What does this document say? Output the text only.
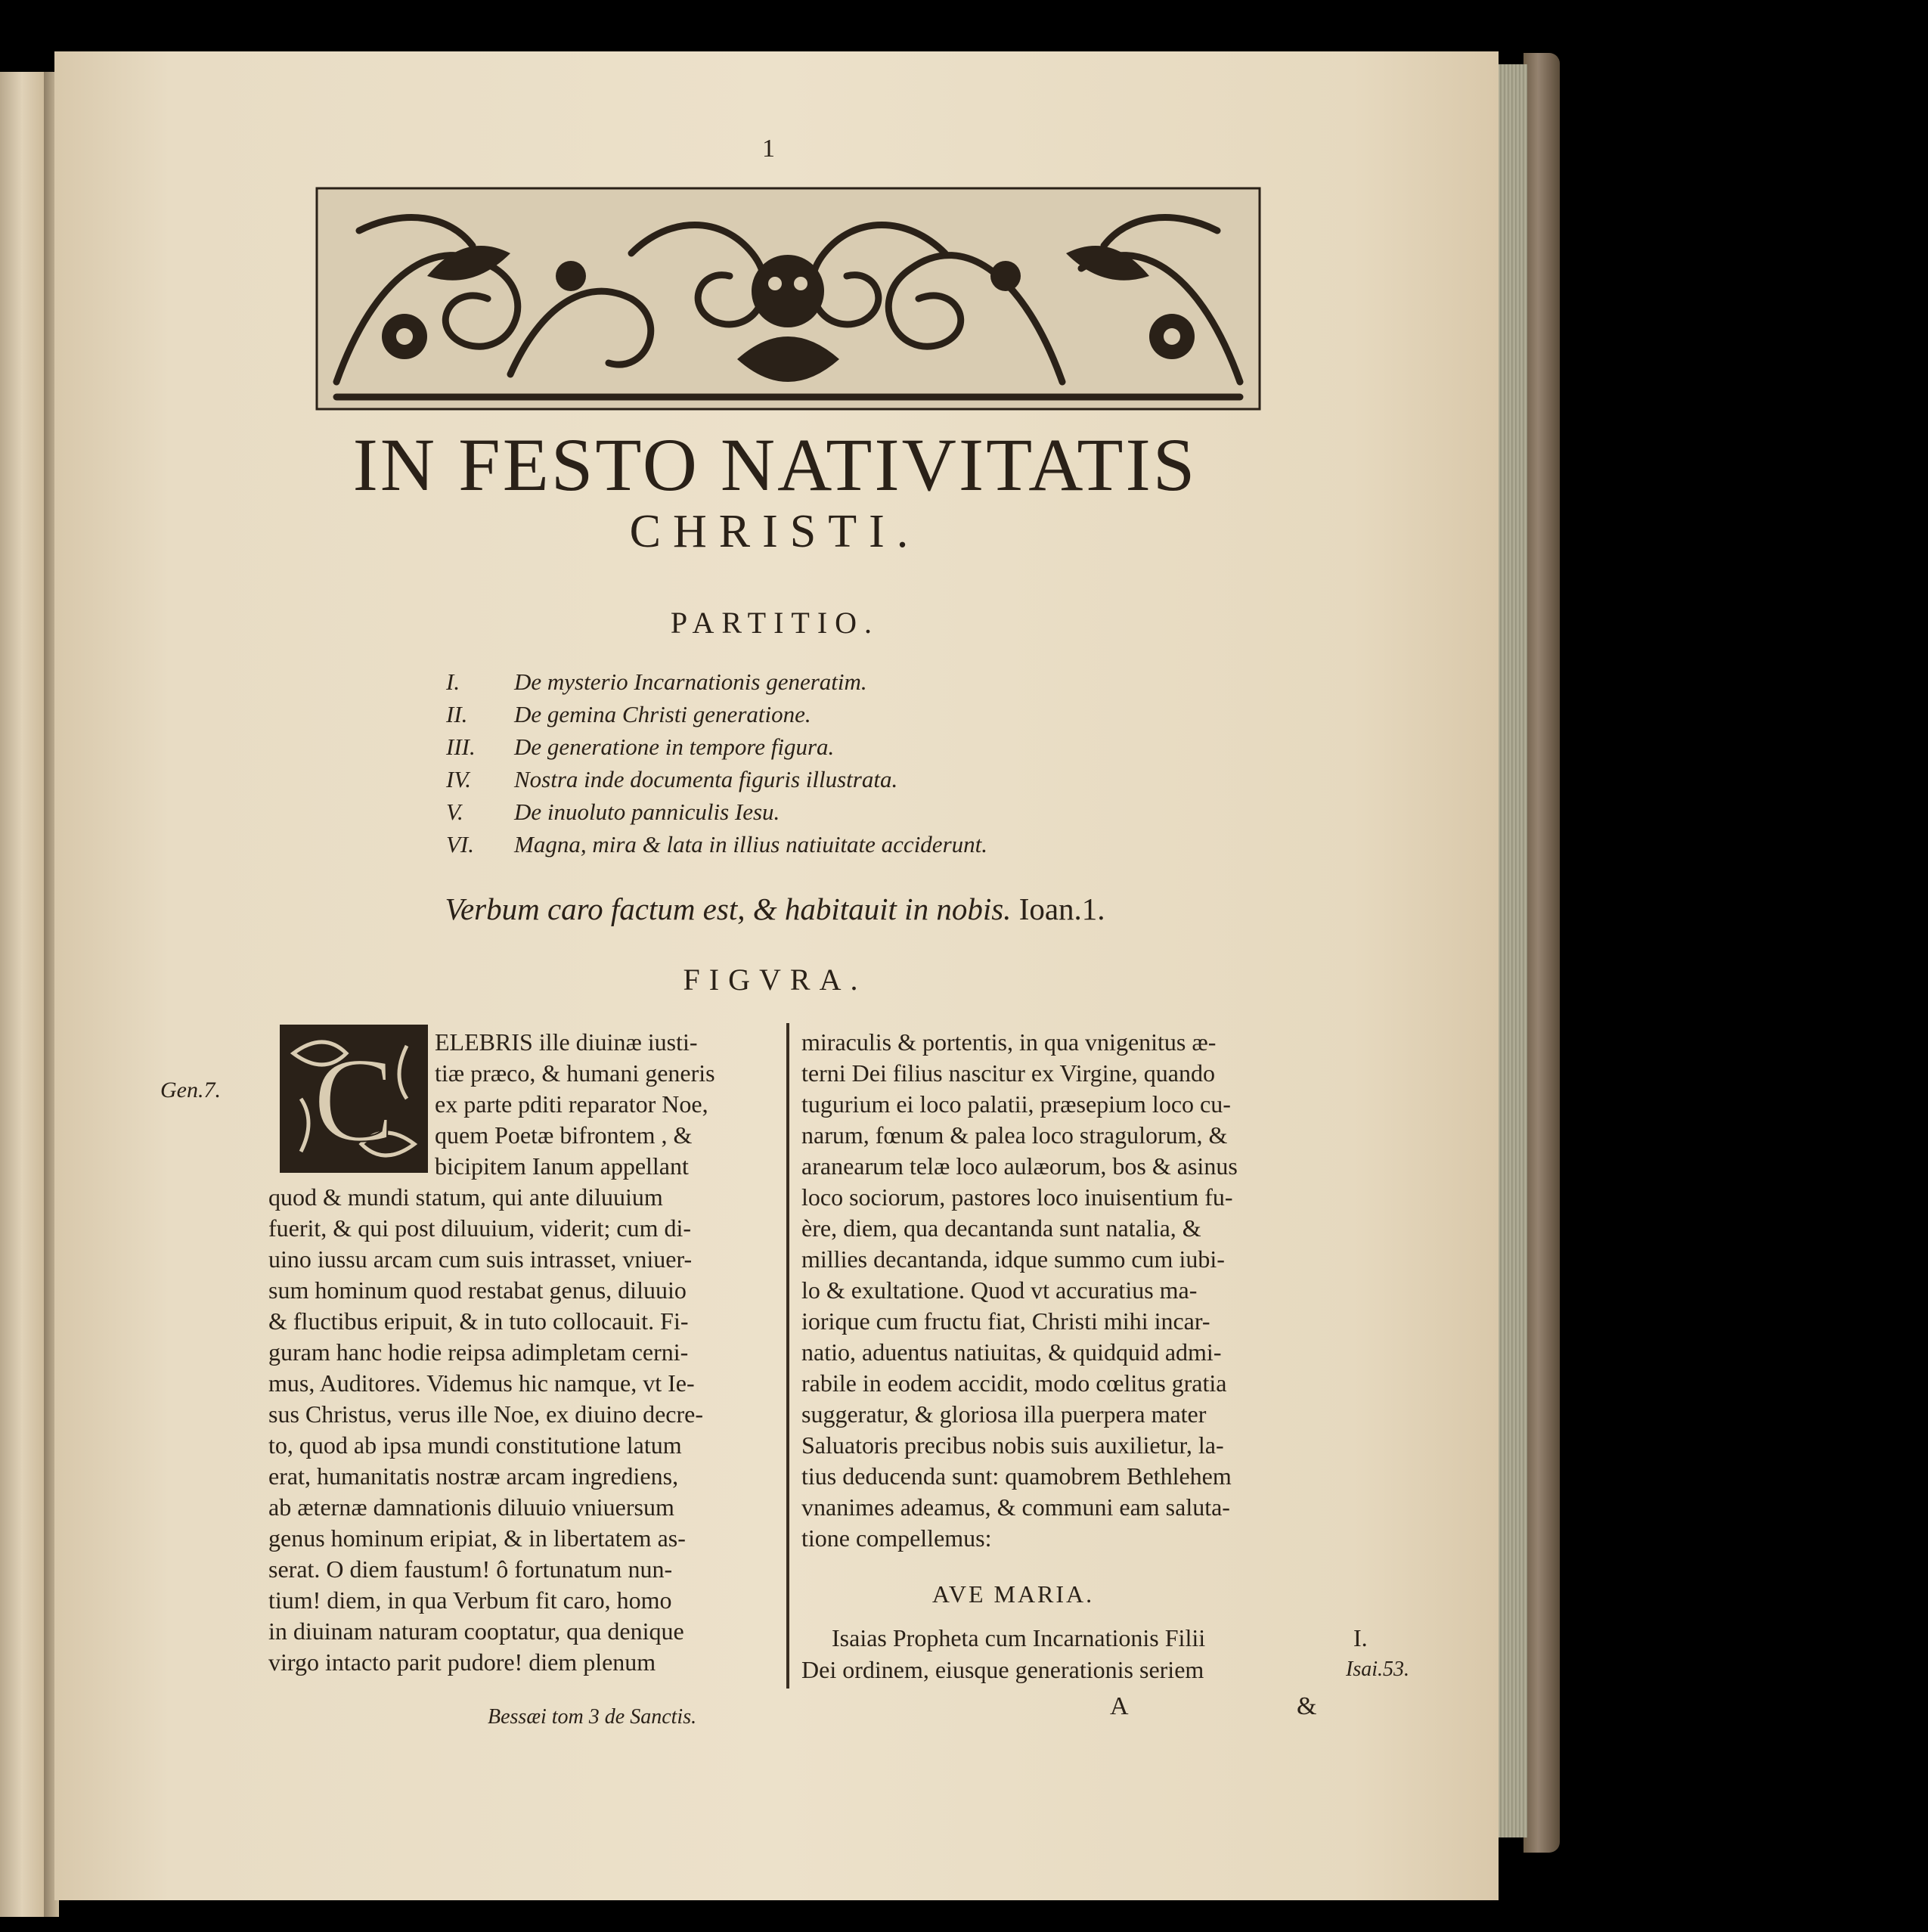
1
IN FESTO NATIVITATIS
CHRISTI.
PARTITIO.
I.	De mysterio Incarnationis generatim.
II.	De gemina Christi generatione.
III.	De generatione in tempore figura.
IV.	Nostra inde documenta figuris illustrata.
V.	De inuoluto panniculis Iesu.
VI.	Magna, mira & lata in illius natiuitate acciderunt.
Verbum caro factum est, & habitauit in nobis. Ioan.1.
FIGVRA.
Gen.7.
I.
Isai.53.
C ELEBRIS ille diuinæ iusti-
tiæ præco, & humani generis
ex parte pditi reparator Noe,
quem Poetæ bifrontem , &
bicipitem Ianum appellant
quod & mundi statum, qui ante diluuium
fuerit, & qui post diluuium, viderit; cum di-
uino iussu arcam cum suis intrasset, vniuer-
sum hominum quod restabat genus, diluuio
& fluctibus eripuit, & in tuto collocauit. Fi-
guram hanc hodie reipsa adimpletam cerni-
mus, Auditores. Videmus hic namque, vt Ie-
sus Christus, verus ille Noe, ex diuino decre-
to, quod ab ipsa mundi constitutione latum
erat, humanitatis nostræ arcam ingrediens,
ab æternæ damnationis diluuio vniuersum
genus hominum eripiat, & in libertatem as-
serat. O diem faustum! ô fortunatum nun-
tium! diem, in qua Verbum fit caro, homo
in diuinam naturam cooptatur, qua denique
virgo intacto parit pudore! diem plenum
miraculis & portentis, in qua vnigenitus æ-
terni Dei filius nascitur ex Virgine, quando
tugurium ei loco palatii, præsepium loco cu-
narum, fœnum & palea loco stragulorum, &
aranearum telæ loco aulæorum, bos & asinus
loco sociorum, pastores loco inuisentium fu-
ère, diem, qua decantanda sunt natalia, &
millies decantanda, idque summo cum iubi-
lo & exultatione. Quod vt accuratius ma-
iorique cum fructu fiat, Christi mihi incar-
natio, aduentus natiuitas, & quidquid admi-
rabile in eodem accidit, modo cœlitus gratia
suggeratur, & gloriosa illa puerpera mater
Saluatoris precibus nobis suis auxilietur, la-
tius deducenda sunt: quamobrem Bethlehem
vnanimes adeamus, & communi eam saluta-
tione compellemus:
AVE MARIA.
Isaias Propheta cum Incarnationis Filii
Dei ordinem, eiusque generationis seriem
Bessæi tom 3 de Sanctis.	A	&
